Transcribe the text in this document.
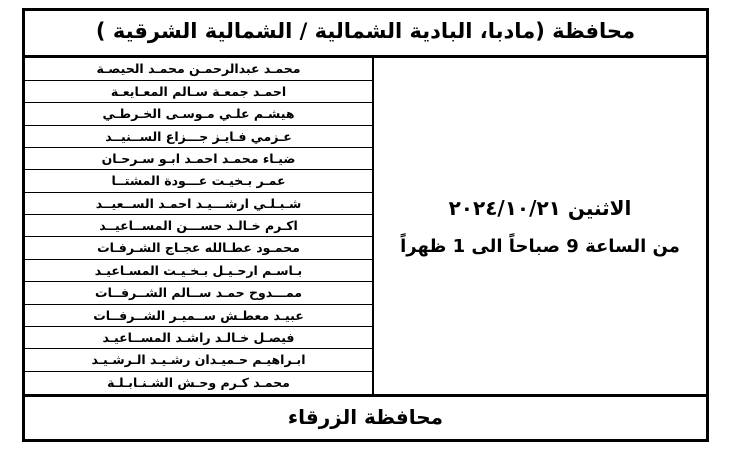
محافظة (مادبا، البادية الشمالية / الشمالية الشرقية )
الاثنين ٢٠٢٤/١٠/٢١
من الساعة 9 صباحاً الى 1 ظهراً
محمـد عبدالرحمـن محمـد الحيصـة
احمـد جمعـة سـالم المعـايعـة
هيشـم علـي مـوسـى الخـرطـي
عـزمي فـايـز جـــزاع الســنيــد
ضيـاء محمـد احمـد ابـو سـرحـان
عمـر بـخيـت عـــودة المشتــا
شـبـلـي ارشـــيـد احمـد الســعيــد
اكـرم خـالـد حســـن المســاعيــد
محمـود عطـالله عجـاج الشـرفـات
بـاسـم ارحـيـل بـخـيـت المسـاعيـد
ممـــدوح حمـد ســالم الشــرفــات
عبيـد معطـش ســميـر الشــرفــات
فيصـل خـالـد راشـد المســاعيـد
ابـراهيـم حـميـدان رشـيـد الـرشـيـد
محمـد كـرم وحـش الشـنـابـلـة
محافظة الزرقاء
